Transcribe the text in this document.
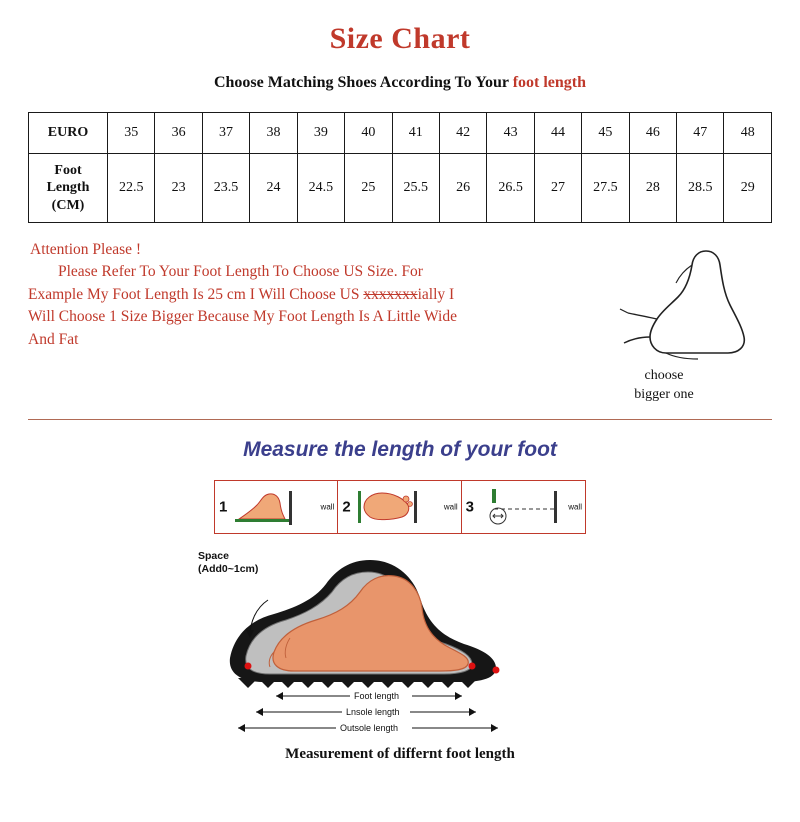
Size Chart
Choose Matching Shoes According To Your foot length
EURO	35	36	37	38	39	40	41	42	43	44	45	46	47	48

Foot
Length
(CM)	22.5	23	23.5	24	24.5	25	25.5	26	26.5	27	27.5	28	28.5	29
Attention Please !
Please Refer To Your Foot Length To Choose US Size. For Example My Foot Length Is 25 cm I Will Choose US xxxxxxxially I Will Choose 1 Size Bigger Because My Foot Length Is A Little Wide And Fat
choose
bigger one
Measure the length of your foot
1	wall 2	wall 3	wall
Space
(Add0~1cm)
Foot length
Lnsole length
Outsole length
Measurement of differnt foot length
